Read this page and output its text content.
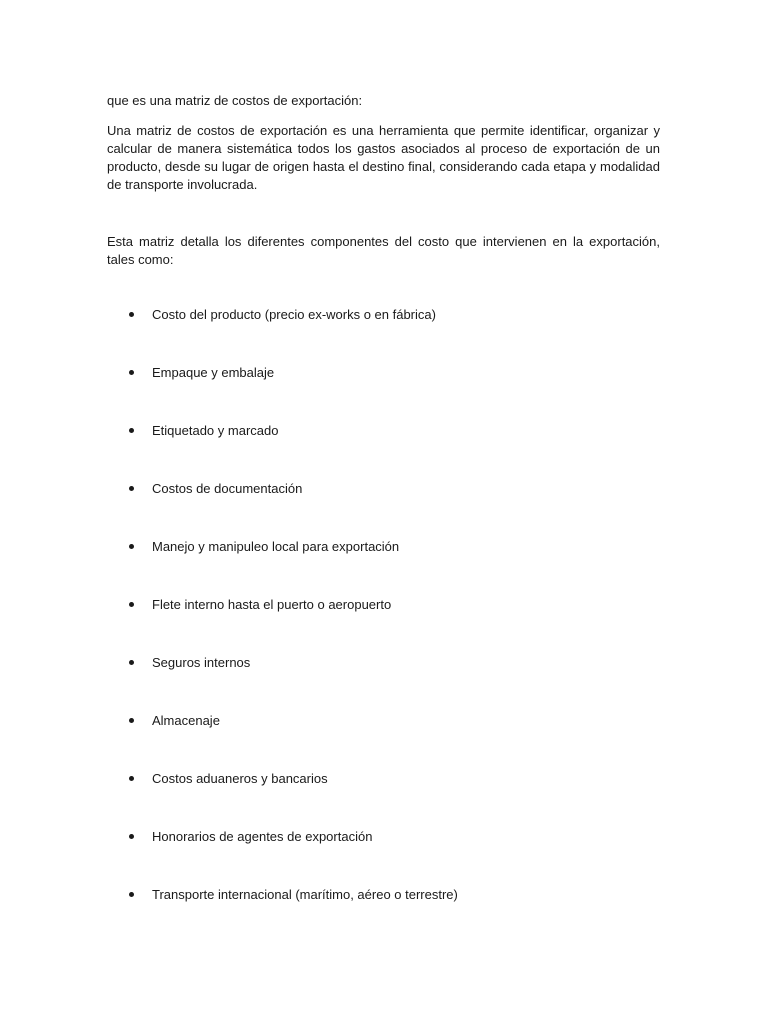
que es una matriz de costos de exportación:

Una matriz de costos de exportación es una herramienta que permite identificar, organizar y calcular de manera sistemática todos los gastos asociados al proceso de exportación de un producto, desde su lugar de origen hasta el destino final, considerando cada etapa y modalidad de transporte involucrada.

Esta matriz detalla los diferentes componentes del costo que intervienen en la exportación, tales como:

Costo del producto (precio ex-works o en fábrica)
Empaque y embalaje
Etiquetado y marcado
Costos de documentación
Manejo y manipuleo local para exportación
Flete interno hasta el puerto o aeropuerto
Seguros internos
Almacenaje
Costos aduaneros y bancarios
Honorarios de agentes de exportación
Transporte internacional (marítimo, aéreo o terrestre)
